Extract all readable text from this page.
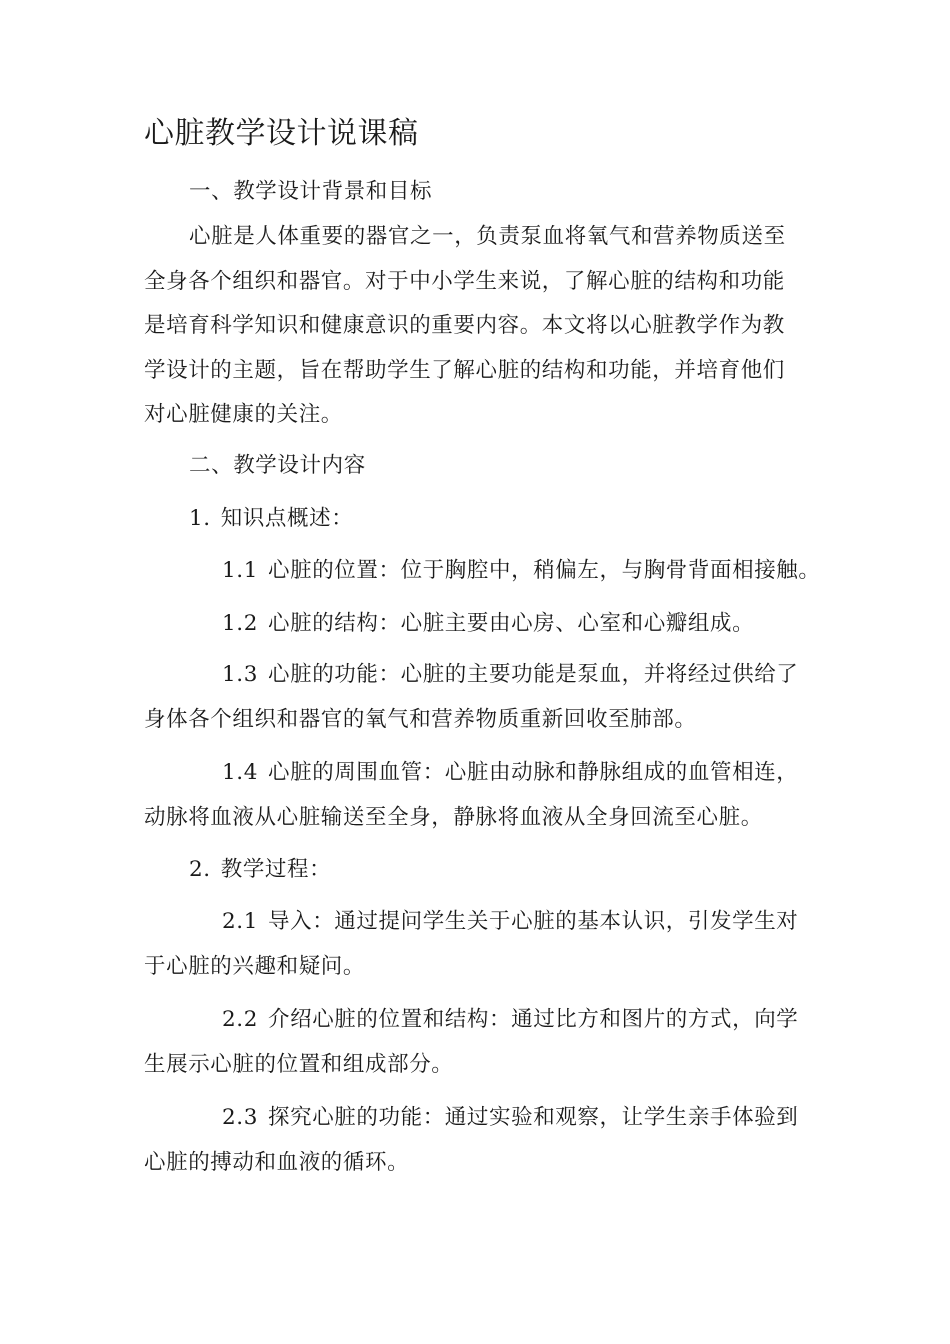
心脏教学设计说课稿

一、教学设计背景和目标

心脏是人体重要的器官之一，负责泵血将氧气和营养物质送至全身各个组织和器官。对于中小学生来说，了解心脏的结构和功能是培育科学知识和健康意识的重要内容。本文将以心脏教学作为教学设计的主题，旨在帮助学生了解心脏的结构和功能，并培育他们对心脏健康的关注。

二、教学设计内容

1. 知识点概述：

1.1 心脏的位置：位于胸腔中，稍偏左，与胸骨背面相接触。

1.2 心脏的结构：心脏主要由心房、心室和心瓣组成。

1.3 心脏的功能：心脏的主要功能是泵血，并将经过供给了身体各个组织和器官的氧气和营养物质重新回收至肺部。

1.4 心脏的周围血管：心脏由动脉和静脉组成的血管相连，动脉将血液从心脏输送至全身，静脉将血液从全身回流至心脏。

2. 教学过程：

2.1 导入：通过提问学生关于心脏的基本认识，引发学生对于心脏的兴趣和疑问。

2.2 介绍心脏的位置和结构：通过比方和图片的方式，向学生展示心脏的位置和组成部分。

2.3 探究心脏的功能：通过实验和观察，让学生亲手体验到心脏的搏动和血液的循环。
